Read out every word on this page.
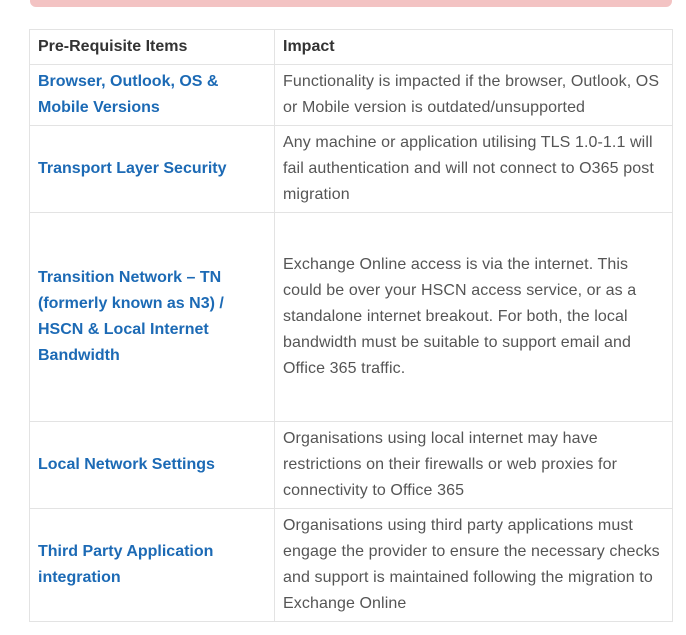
Pre-Requisite Items	Impact
Browser, Outlook, OS & Mobile Versions	Functionality is impacted if the browser, Outlook, OS or Mobile version is outdated/unsupported
Transport Layer Security	Any machine or application utilising TLS 1.0-1.1 will fail authentication and will not connect to O365 post migration
Transition Network – TN (formerly known as N3) / HSCN & Local Internet Bandwidth	Exchange Online access is via the internet. This could be over your HSCN access service, or as a standalone internet breakout. For both, the local bandwidth must be suitable to support email and Office 365 traffic.
Local Network Settings	Organisations using local internet may have restrictions on their firewalls or web proxies for connectivity to Office 365
Third Party Application integration	Organisations using third party applications must engage the provider to ensure the necessary checks and support is maintained following the migration to Exchange Online
